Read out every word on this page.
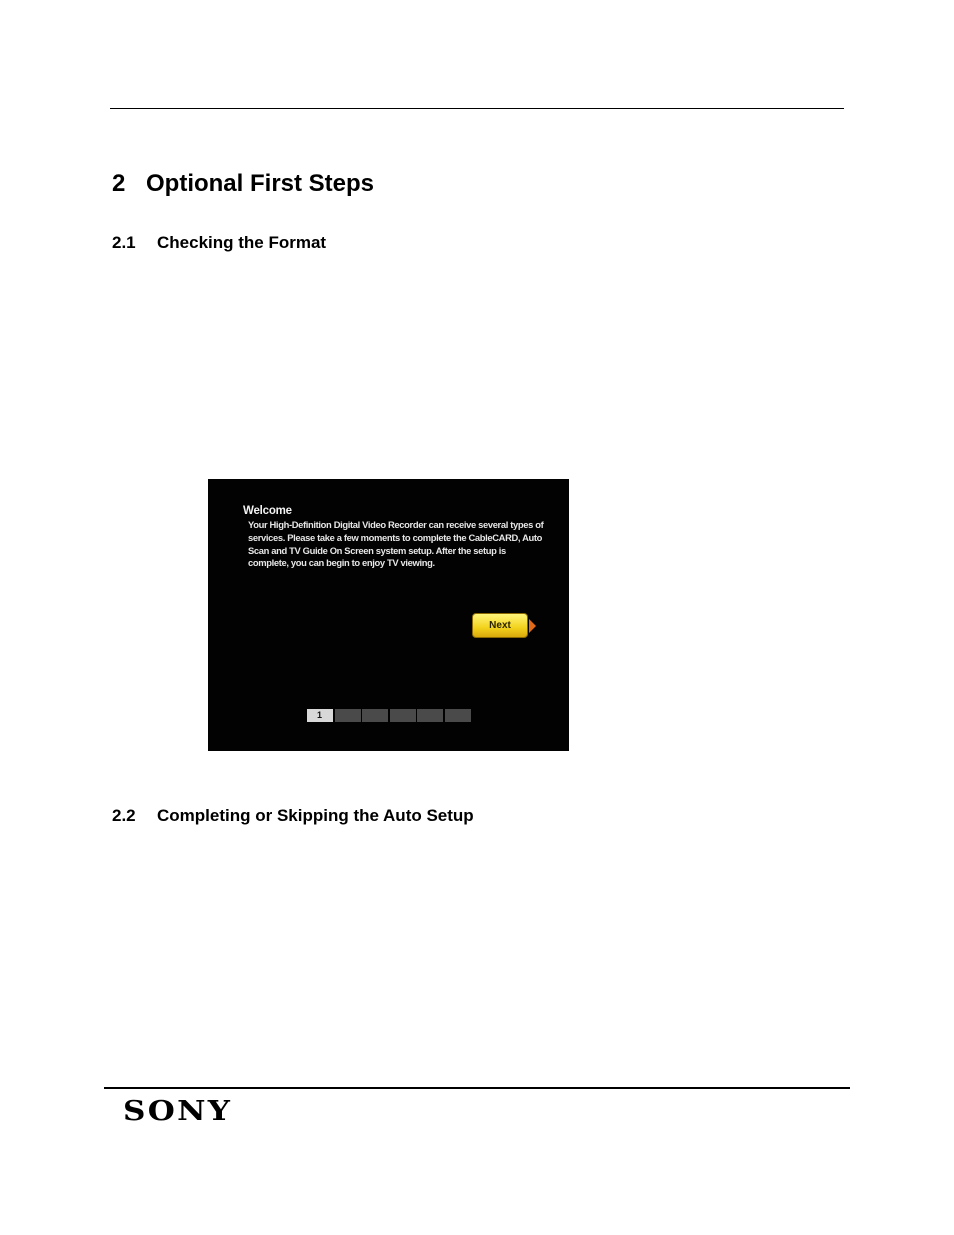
2 Optional First Steps
2.1 Checking the Format
Welcome
Your High-Definition Digital Video Recorder can receive several types of services. Please take a few moments to complete the CableCARD, Auto Scan and TV Guide On Screen system setup. After the setup is complete, you can begin to enjoy TV viewing.
Next
1
2.2 Completing or Skipping the Auto Setup
SONY
